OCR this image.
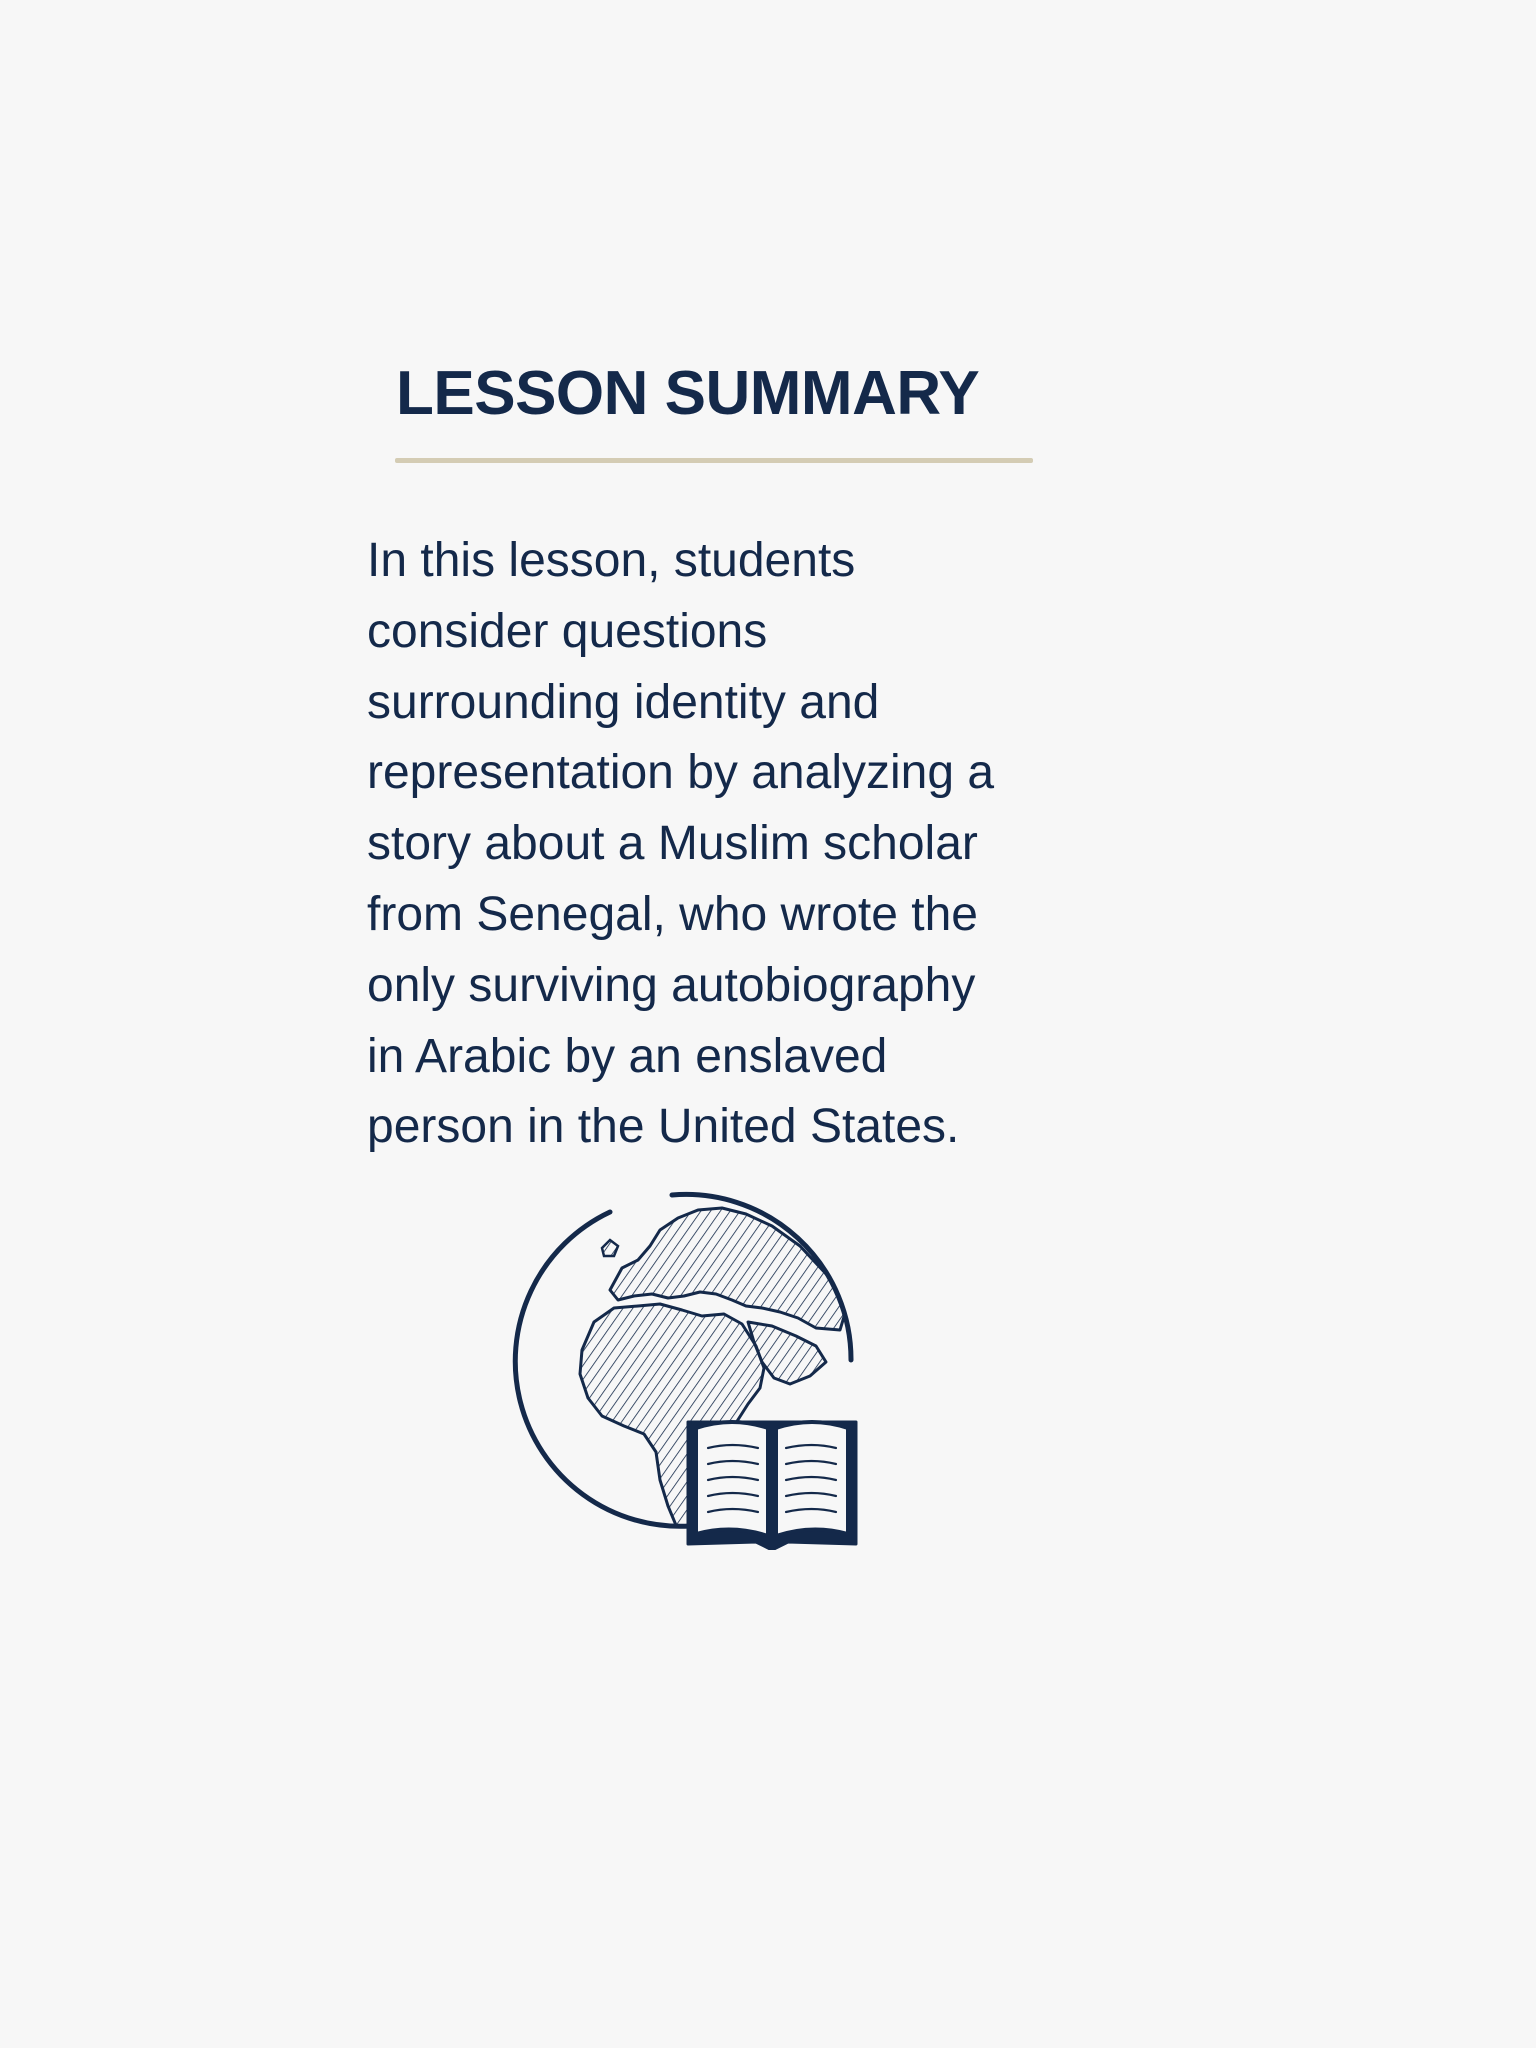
LESSON SUMMARY

In this lesson, students
consider questions
surrounding identity and
representation by analyzing a
story about a Muslim scholar
from Senegal, who wrote the
only surviving autobiography
in Arabic by an enslaved
person in the United States.
